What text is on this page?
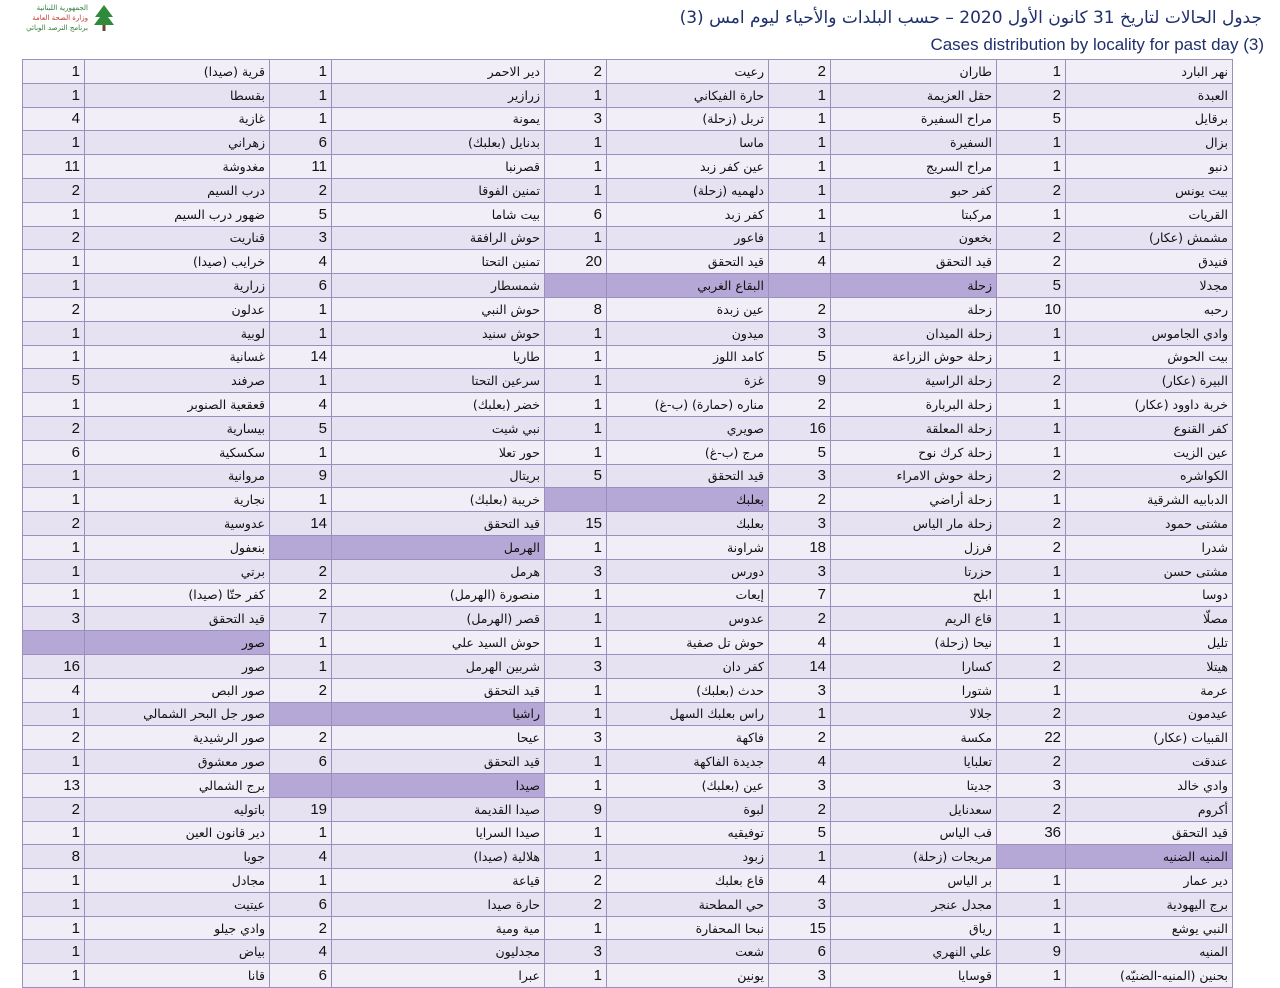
الجمهورية اللبنانية
وزارة الصحة العامة
برنامج الترصد الوبائي	جدول الحالات لتاريخ 31 كانون الأول 2020 – حسب البلدات والأحياء ليوم امس (3)
Cases distribution by locality for past day (3)
1	قرية (صيدا)	1	دير الاحمر	2	رعيت	2	طاران	1	نهر البارد
1	بقسطا	1	زرازير	1	حارة الفيكاني	1	حقل العزيمة	2	العبدة
4	غازية	1	يمونة	3	تربل (زحلة)	1	مراح السفيرة	5	برقايل
1	زهراني	6	بدنايل (بعلبك)	1	ماسا	1	السفيرة	1	بزال
11	مغدوشة	11	قصرنبا	1	عين كفر زبد	1	مراح السريج	1	دنبو
2	درب السيم	2	تمنين الفوقا	1	دلهميه (زحلة)	1	كفر حبو	2	بيت يونس
1	ضهور درب السيم	5	بيت شاما	6	كفر زبد	1	مركبتا	1	القريات
2	قناريت	3	حوش الرافقة	1	فاعور	1	بخعون	2	مشمش (عكار)
1	خرايب (صيدا)	4	تمنين التحتا	20	قيد التحقق	4	قيد التحقق	2	فنيدق
1	زرارية	6	شمسطار		البقاع الغربي		زحلة	5	مجدلا
2	عدلون	1	حوش النبي	8	عين زبدة	2	زحلة	10	رحبه
1	لوبية	1	حوش سنيد	1	ميدون	3	زحلة الميدان	1	وادي الجاموس
1	غسانية	14	طاريا	1	كامد اللوز	5	زحلة حوش الزراعة	1	بيت الحوش
5	صرفند	1	سرعين التحتا	1	غزة	9	زحلة الراسية	2	البيرة (عكار)
1	قعقعية الصنوبر	4	خضر (بعلبك)	1	مناره (حمارة) (ب-غ)	2	زحلة البربارة	1	خربة داوود (عكار)
2	بيسارية	5	نبي شيت	1	صويري	16	زحلة المعلقة	1	كفر القنوع
6	سكسكية	1	حور تعلا	1	مرج (ب-غ)	5	زحلة كرك نوح	1	عين الزيت
1	مروانية	9	بريتال	5	قيد التحقق	3	زحلة حوش الامراء	2	الكواشره
1	نجارية	1	خريبة (بعلبك)		بعلبك	2	زحلة أراضي	1	الدبابيه الشرقية
2	عدوسية	14	قيد التحقق	15	بعلبك	3	زحلة مار الياس	2	مشتى حمود
1	بنعفول		الهرمل	1	شراونة	18	فرزل	2	شدرا
1	برتي	2	هرمل	3	دورس	3	حزرتا	1	مشتى حسن
1	كفر حتّا (صيدا)	2	منصورة (الهرمل)	1	إيعات	7	ابلح	1	دوسا
3	قيد التحقق	7	قصر (الهرمل)	1	عدوس	2	قاع الريم	1	مصلّا
	صور	1	حوش السيد علي	1	حوش تل صفية	4	نيحا (زحلة)	1	تليل
16	صور	1	شربين الهرمل	3	كفر دان	14	كسارا	2	هيتلا
4	صور البص	2	قيد التحقق	1	حدث (بعلبك)	3	شتورا	1	عرمة
1	صور جل البحر الشمالي		راشيا	1	راس بعلبك السهل	1	جلالا	2	عيدمون
2	صور الرشيدية	2	عيحا	3	فاكهة	2	مكسة	22	القبيات (عكار)
1	صور معشوق	6	قيد التحقق	1	جديدة الفاكهة	4	تعلبايا	2	عندقت
13	برج الشمالي		صيدا	1	عين (بعلبك)	3	جديتا	3	وادي خالد
2	باتوليه	19	صيدا القديمة	9	لبوة	2	سعدنايل	2	أكروم
1	دير قانون العين	1	صيدا السرايا	1	توفيقيه	5	قب الياس	36	قيد التحقق
8	جويا	4	هلالية (صيدا)	1	زبود	1	مريجات (زحلة)		المنيه الضنيه
1	مجادل	1	قياعة	2	قاع بعلبك	4	بر الياس	1	دير عمار
1	عيتيت	6	حارة صيدا	2	حي المطحنة	3	مجدل عنجر	1	برج اليهودية
1	وادي جيلو	2	مية ومية	1	نبحا المحفارة	15	رياق	1	النبي يوشع
1	بياض	4	مجدليون	3	شعت	6	علي النهري	9	المنيه
1	قانا	6	عبرا	1	يونين	3	قوسايا	1	بحنين (المنيه-الضنيّه)
